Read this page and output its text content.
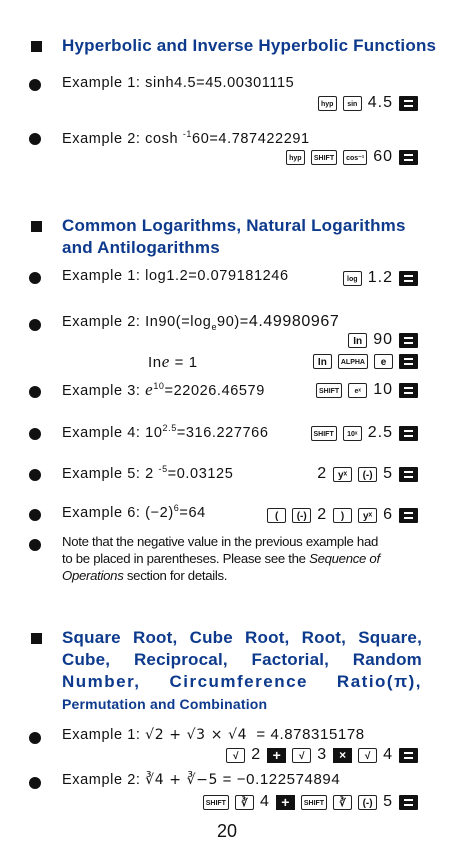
Hyperbolic and Inverse Hyperbolic Functions
Example 1: sinh4.5=45.00301115
hyp	sin 4.5
Example 2: cosh $^{-1}$60=4.787422291
hyp	SHIFT	cos⁻¹ 60
Common Logarithms, Natural Logarithms
and Antilogarithms
Example 1: log1.2=0.079181246	log 1.2
Example 2: $In90(=\log_e90)=4.49980967$
In 90
Ine = 1	In	ALPHA	e
Example 3: $e^{10}=22026.46579$	SHIFT	eˣ 10
Example 4: $10^{2.5}=316.227766$	SHIFT	10ˣ 2.5
Example 5: 2 $^{-5}$=0.03125	2	yˣ	(-) 5
Example 6: $(-2)^6=64$	(	(-) 2	)	yˣ 6
Note that the negative value in the previous example had
to be placed in parentheses. Please see the Sequence of
Operations section for details.
Square Root, Cube Root, Root, Square,
Cube, Reciprocal, Factorial, Random
Number, Circumference Ratio(π),
Permutation and Combination
Example 1: √2 + √3 × √4 = 4.878315178
√ 2 +	√ 3 ×	√ 4
Example 2: ∛4 + ∛−5 = −0.122574894
SHIFT	∛ 4 +	SHIFT	∛	(-) 5
20
